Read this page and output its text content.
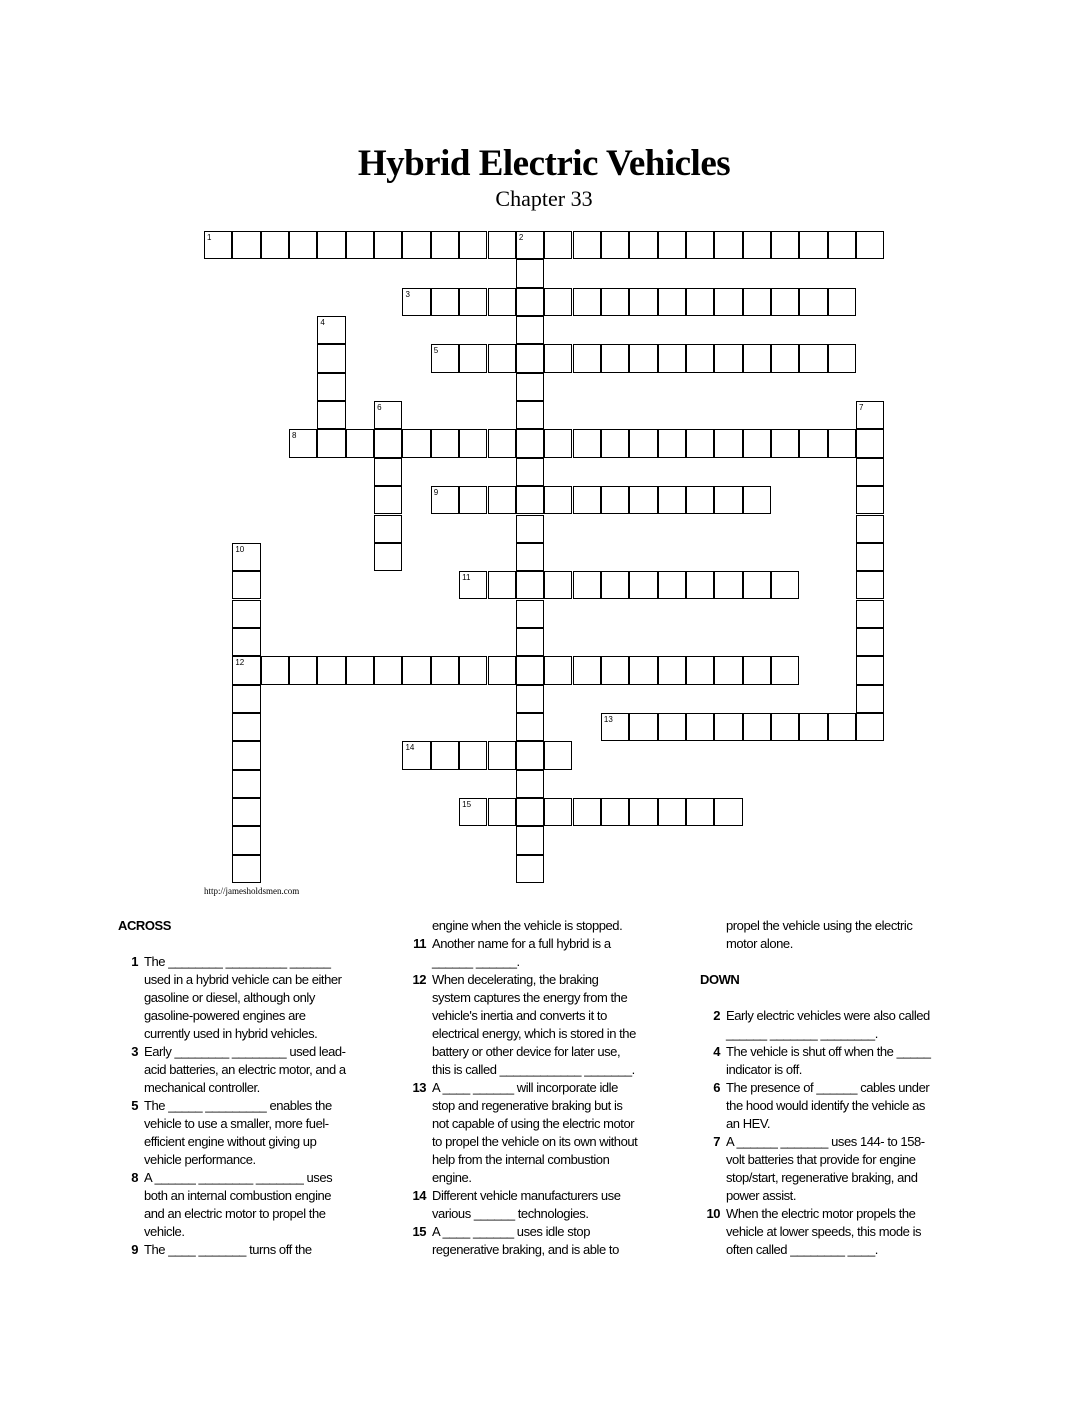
Hybrid Electric Vehicles
Chapter 33
1	2
3
5
8
9
11
12
13
14
15
4
6	7
10
http://jamesholdsmen.com
ACROSS
1 The ________ _________ ______
used in a hybrid vehicle can be either
gasoline or diesel, although only
gasoline-powered engines are
currently used in hybrid vehicles.
3 Early ________ ________ used lead-
acid batteries, an electric motor, and a
mechanical controller.
5 The _____ _________ enables the
vehicle to use a smaller, more fuel-
efficient engine without giving up
vehicle performance.
8 A ______ ________ _______ uses
both an internal combustion engine
and an electric motor to propel the
vehicle.
9 The ____ _______ turns off the
engine when the vehicle is stopped.
11 Another name for a full hybrid is a
______ ______.
12 When decelerating, the braking
system captures the energy from the
vehicle's inertia and converts it to
electrical energy, which is stored in the
battery or other device for later use,
this is called ____________ _______.
13 A ____ ______ will incorporate idle
stop and regenerative braking but is
not capable of using the electric motor
to propel the vehicle on its own without
help from the internal combustion
engine.
14 Different vehicle manufacturers use
various ______ technologies.
15 A ____ ______ uses idle stop
regenerative braking, and is able to
propel the vehicle using the electric
motor alone.
DOWN
2 Early electric vehicles were also called
______ _______ ________.
4 The vehicle is shut off when the _____
indicator is off.
6 The presence of ______ cables under
the hood would identify the vehicle as
an HEV.
7 A ______ _______ uses 144- to 158-
volt batteries that provide for engine
stop/start, regenerative braking, and
power assist.
10 When the electric motor propels the
vehicle at lower speeds, this mode is
often called ________ ____.
